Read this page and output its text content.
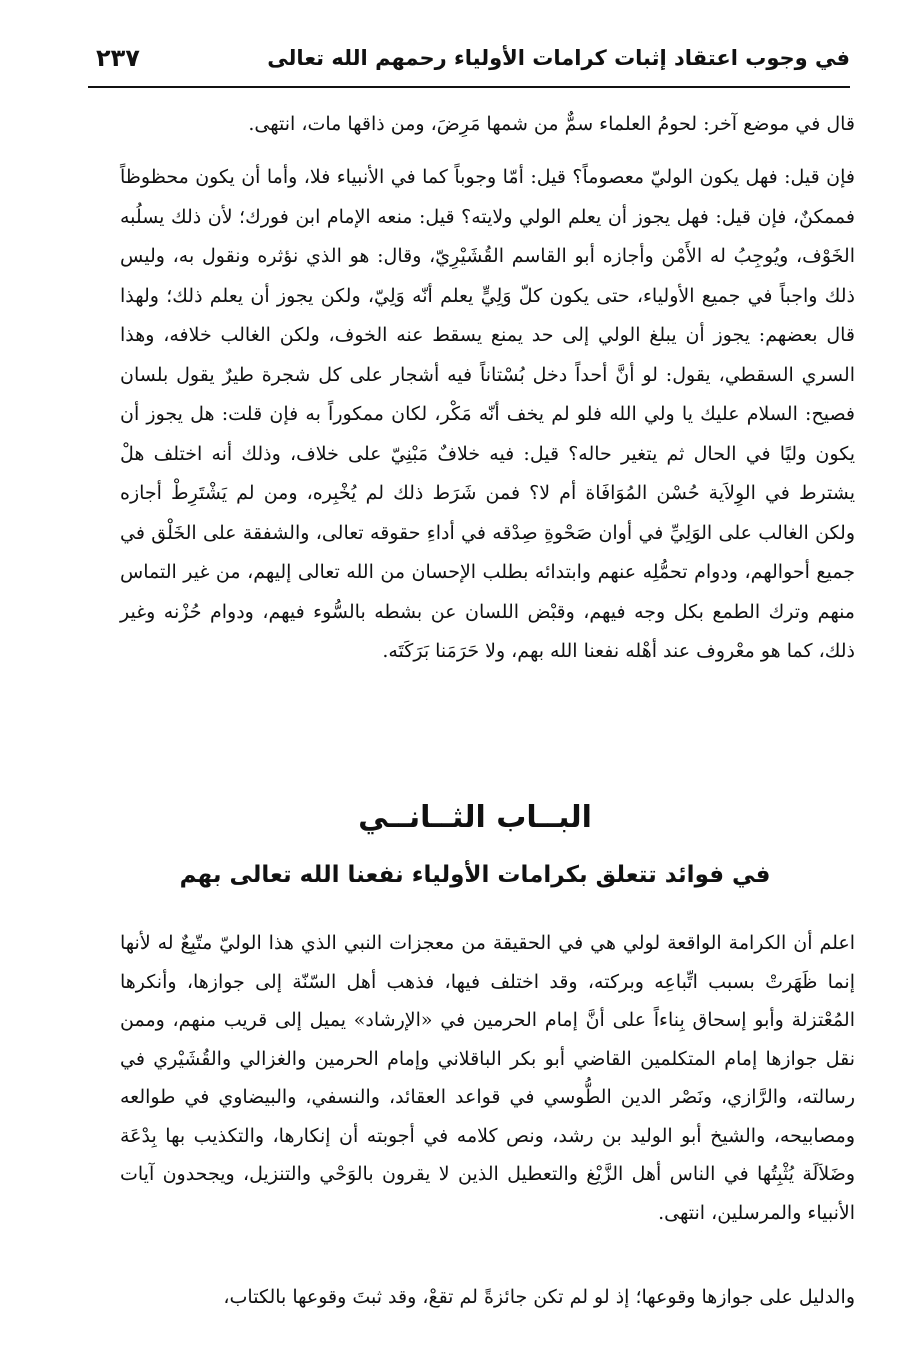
في وجوب اعتقاد إثبات كرامات الأولياء رحمهم الله تعالى
٢٣٧
قال في موضع آخر: لحومُ العلماء سمٌّ من شمها مَرِضَ، ومن ذاقها مات، انتهى.
فإن قيل: فهل يكون الوليّ معصوماً؟ قيل: أمّا وجوباً كما في الأنبياء فلا، وأما أن يكون محظوظاً فممكنٌ، فإن قيل: فهل يجوز أن يعلم الولي ولايته؟ قيل: منعه الإمام ابن فورك؛ لأن ذلك يسلُبه الخَوْف، ويُوجِبُ له الأَمْن وأجازه أبو القاسم القُشَيْرِيّ، وقال: هو الذي نؤثره ونقول به، وليس ذلك واجباً في جميع الأولياء، حتى يكون كلّ وَلِيٍّ يعلم أنّه وَلِيّ، ولكن يجوز أن يعلم ذلك؛ ولهذا قال بعضهم: يجوز أن يبلغ الولي إلى حد يمنع يسقط عنه الخوف، ولكن الغالب خلافه، وهذا السري السقطي، يقول: لو أنَّ أحداً دخل بُسْتاناً فيه أشجار على كل شجرة طيرٌ يقول بلسان فصيح: السلام عليك يا ولي الله فلو لم يخف أنّه مَكْر، لكان ممكوراً به فإن قلت: هل يجوز أن يكون وليًا في الحال ثم يتغير حاله؟ قيل: فيه خلافٌ مَبْنِيّ على خلاف، وذلك أنه اختلف هلْ يشترط في الوِلاَية حُسْن المُوَافَاة أم لا؟ فمن شَرَط ذلك لم يُخْبِره، ومن لم يَشْتَرِطْ أجازه ولكن الغالب على الوَلِيِّ في أوان صَحْوةِ صِدْقه في أداءِ حقوقه تعالى، والشفقة على الخَلْق في جميع أحوالهم، ودوام تحمُّلِه عنهم وابتدائه بطلب الإحسان من الله تعالى إليهم، من غير التماس منهم وترك الطمع بكل وجه فيهم، وقبْض اللسان عن بشطه بالسُّوء فيهم، ودوام حُزْنه وغير ذلك، كما هو معْروف عند أهْله نفعنا الله بهم، ولا حَرَمَنا بَرَكَتَه.
البــاب الثــانــي
في فوائد تتعلق بكرامات الأولياء نفعنا الله تعالى بهم
اعلم أن الكرامة الواقعة لولي هي في الحقيقة من معجزات النبي الذي هذا الوليّ متّبِعٌ له لأنها إنما ظَهَرتْ بسبب اتِّباعِه وبركته، وقد اختلف فيها، فذهب أهل السّنّة إلى جوازها، وأنكرها المُعْتزلة وأبو إسحاق بِناءاً على أنَّ إمام الحرمين في «الإرشاد» يميل إلى قريب منهم، وممن نقل جوازها إمام المتكلمين القاضي أبو بكر الباقلاني وإمام الحرمين والغزالي والقُشَيْري في رسالته، والرَّازي، ونَصْر الدين الطُّوسي في قواعد العقائد، والنسفي، والبيضاوي في طوالعه ومصابيحه، والشيخ أبو الوليد بن رشد، ونص كلامه في أجوبته أن إنكارها، والتكذيب بها بِدْعَة وضَلاَلَة يُثْبِتُها في الناس أهل الزَّيْغ والتعطيل الذين لا يقرون بالوَحْي والتنزيل، ويجحدون آيات الأنبياء والمرسلين، انتهى.
والدليل على جوازها وقوعها؛ إذ لو لم تكن جائزةً لم تقعْ، وقد ثبتَ وقوعها بالكتاب،
